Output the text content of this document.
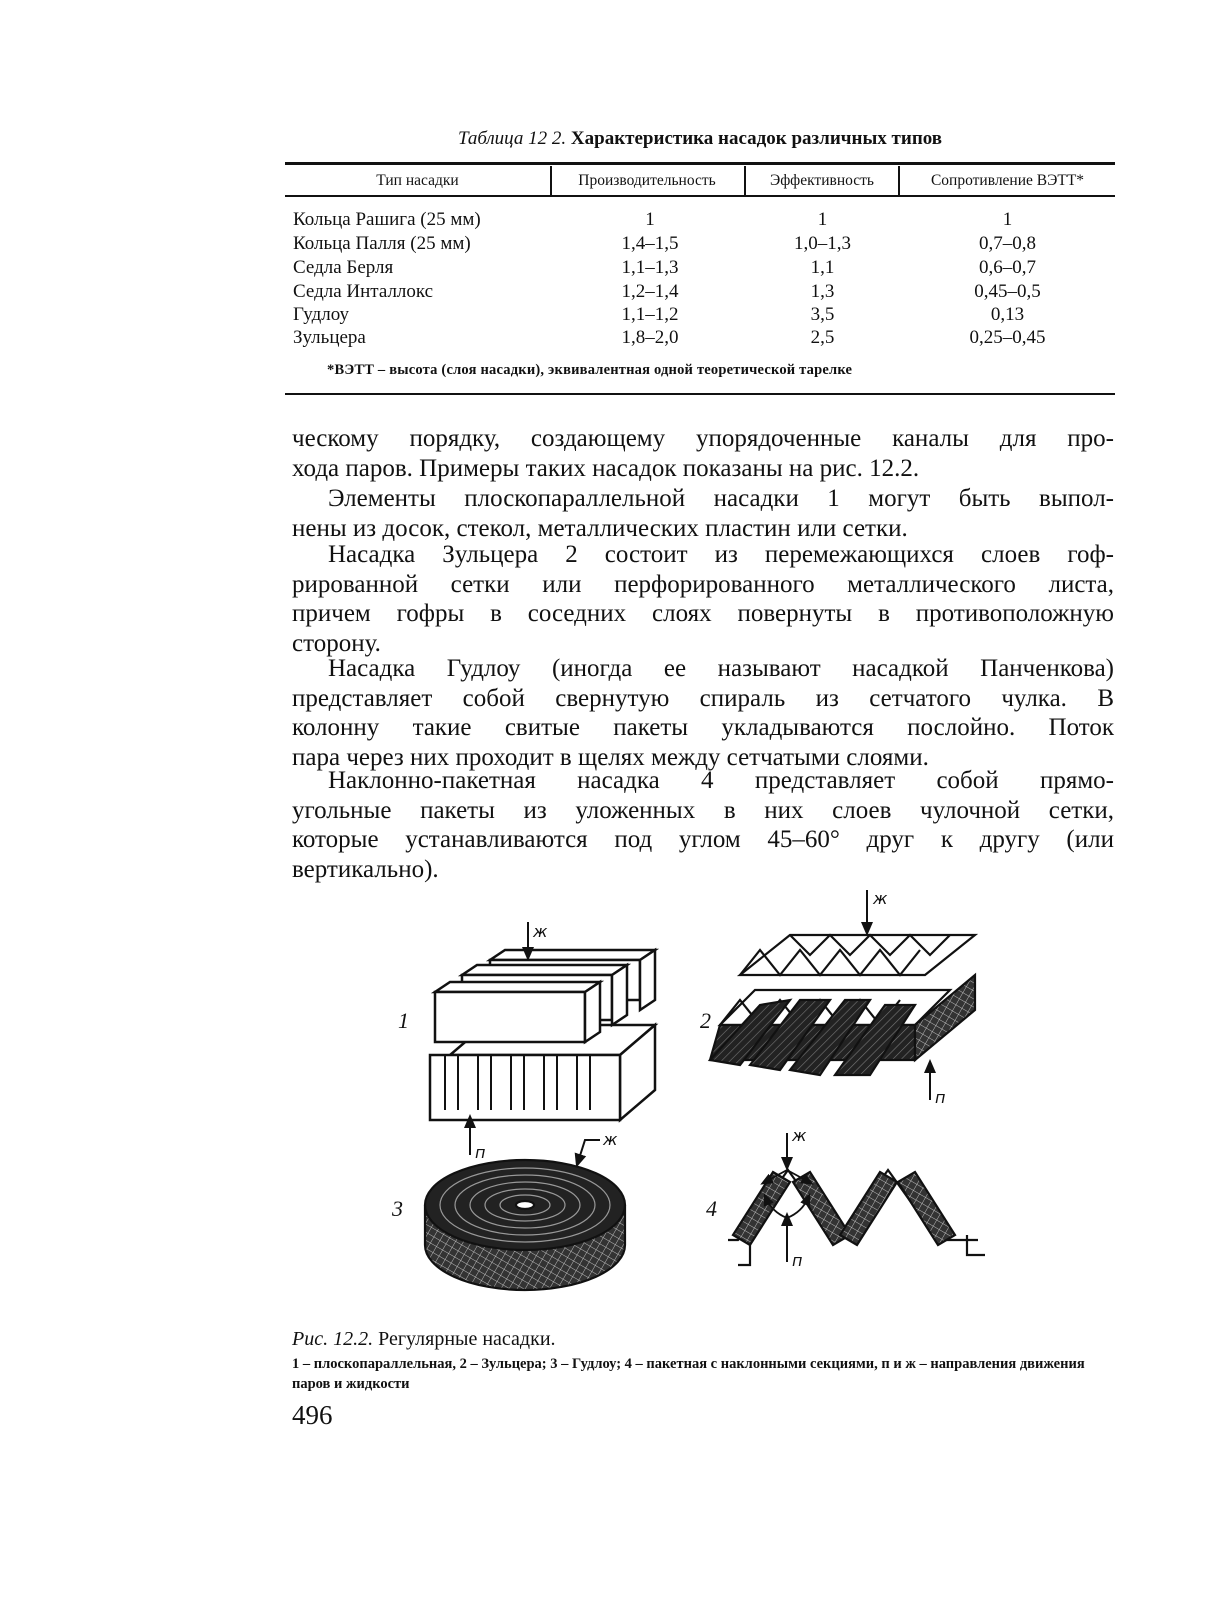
Таблица 12 2. Характеристика насадок различных типов
Тип насадки	Производительность	Эффективность	Сопротивление ВЭТТ*
Кольца Рашига (25 мм)	1	1	1
Кольца Палля (25 мм)	1,4–1,5	1,0–1,3	0,7–0,8
Седла Берля	1,1–1,3	1,1	0,6–0,7
Седла Инталлокс	1,2–1,4	1,3	0,45–0,5
Гудлоу	1,1–1,2	3,5	0,13
Зульцера	1,8–2,0	2,5	0,25–0,45
*ВЭТТ – высота (слоя насадки), эквивалентная одной теоретической тарелке
ческому порядку, создающему упорядоченные каналы для про-
хода паров. Примеры таких насадок показаны на рис. 12.2.
Элементы плоскопараллельной насадки 1 могут быть выпол-
нены из досок, стекол, металлических пластин или сетки.
Насадка Зульцера 2 состоит из перемежающихся слоев гоф-
рированной сетки или перфорированного металлического листа,
причем гофры в соседних слоях повернуты в противоположную
сторону.
Насадка Гудлоу (иногда ее называют насадкой Панченкова)
представляет собой свернутую спираль из сетчатого чулка. В
колонну такие свитые пакеты укладываются послойно. Поток
пара через них проходит в щелях между сетчатыми слоями.
Наклонно-пакетная насадка 4 представляет собой прямо-
угольные пакеты из уложенных в них слоев чулочной сетки,
которые устанавливаются под углом 45–60° друг к другу (или
вертикально).
1	2
3	4
ж
ж
ж	ж
п
п
п
Рис. 12.2. Регулярные насадки.
1 – плоскопараллельная, 2 – Зульцера; 3 – Гудлоу; 4 – пакетная с наклонными секциями, п и ж – направления движения паров и жидкости
496
